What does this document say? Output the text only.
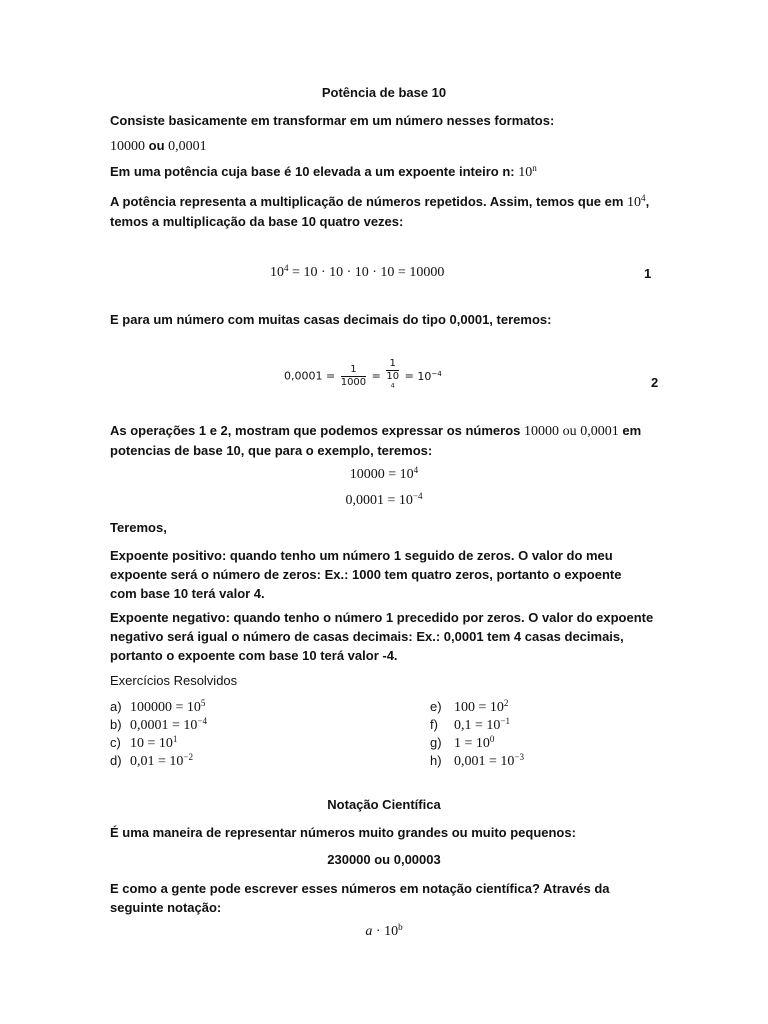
Potência de base 10
Consiste basicamente em transformar em um número nesses formatos:
10000 ou 0,0001
Em uma potência cuja base é 10 elevada a um expoente inteiro n: 10$^n$
A potência representa a multiplicação de números repetidos. Assim, temos que em $10^4$, temos a multiplicação da base 10 quatro vezes:
$10^4 = 10 \cdot 10 \cdot 10 \cdot 10 = 10000$	1
E para um número com muitas casas decimais do tipo 0,0001, teremos:
$0,0001 = \frac{1}{1000} = 1$
10
$^4 = 10^{-4}$
2
As operações 1 e 2, mostram que podemos expressar os números 10000 ou 0,0001 em potencias de base 10, que para o exemplo, teremos:
$10000 = 10^4$
$0,0001 = 10^{-4}$
Teremos,
Expoente positivo: quando tenho um número 1 seguido de zeros. O valor do meu expoente será o número de zeros: Ex.: 1000 tem quatro zeros, portanto o expoente com base 10 terá valor 4.
Expoente negativo: quando tenho o número 1 precedido por zeros. O valor do expoente negativo será igual o número de casas decimais: Ex.: 0,0001 tem 4 casas decimais, portanto o expoente com base 10 terá valor -4.
Exercícios Resolvidos
a) $100000 = 10^5$
b) $0,0001 = 10^{-4}$
c) $10 = 10^1$
d) $0,01 = 10^{-2}$
e) $100 = 10^2$
f) $0,1 = 10^{-1}$
g) $1 = 10^0$
h) $0,001 = 10^{-3}$
Notação Científica
É uma maneira de representar números muito grandes ou muito pequenos:
230000 ou 0,00003
E como a gente pode escrever esses números em notação científica? Através da seguinte notação:
$a \cdot 10^b$
